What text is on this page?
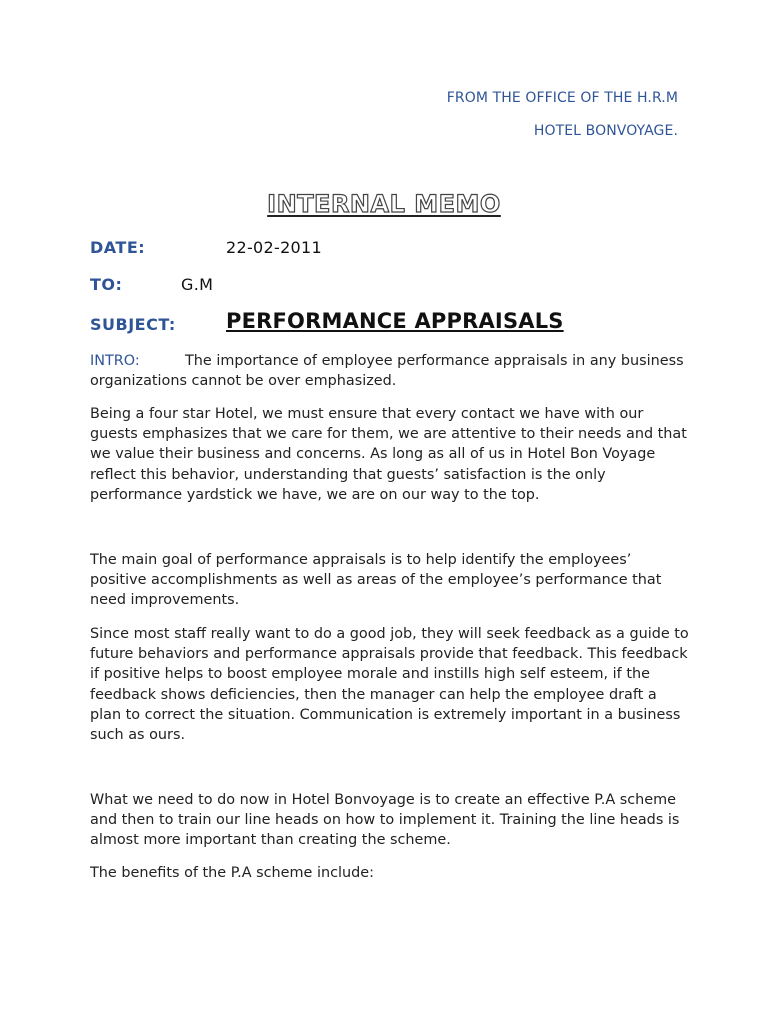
FROM THE OFFICE OF THE H.R.M
HOTEL BONVOYAGE.
INTERNAL MEMO
DATE:	22-02-2011
TO:	G.M
SUBJECT: PERFORMANCE APPRAISALS
INTRO:	The importance of employee performance appraisals in any business organizations cannot be over emphasized.
Being a four star Hotel, we must ensure that every contact we have with our guests emphasizes that we care for them, we are attentive to their needs and that we value their business and concerns. As long as all of us in Hotel Bon Voyage reflect this behavior, understanding that guests’ satisfaction is the only performance yardstick we have, we are on our way to the top.
The main goal of performance appraisals is to help identify the employees’ positive accomplishments as well as areas of the employee’s performance that need improvements.
Since most staff really want to do a good job, they will seek feedback as a guide to future behaviors and performance appraisals provide that feedback. This feedback if positive helps to boost employee morale and instills high self esteem, if the feedback shows deficiencies, then the manager can help the employee draft a plan to correct the situation. Communication is extremely important in a business such as ours.
What we need to do now in Hotel Bonvoyage is to create an effective P.A scheme and then to train our line heads on how to implement it. Training the line heads is almost more important than creating the scheme.
The benefits of the P.A scheme include:
